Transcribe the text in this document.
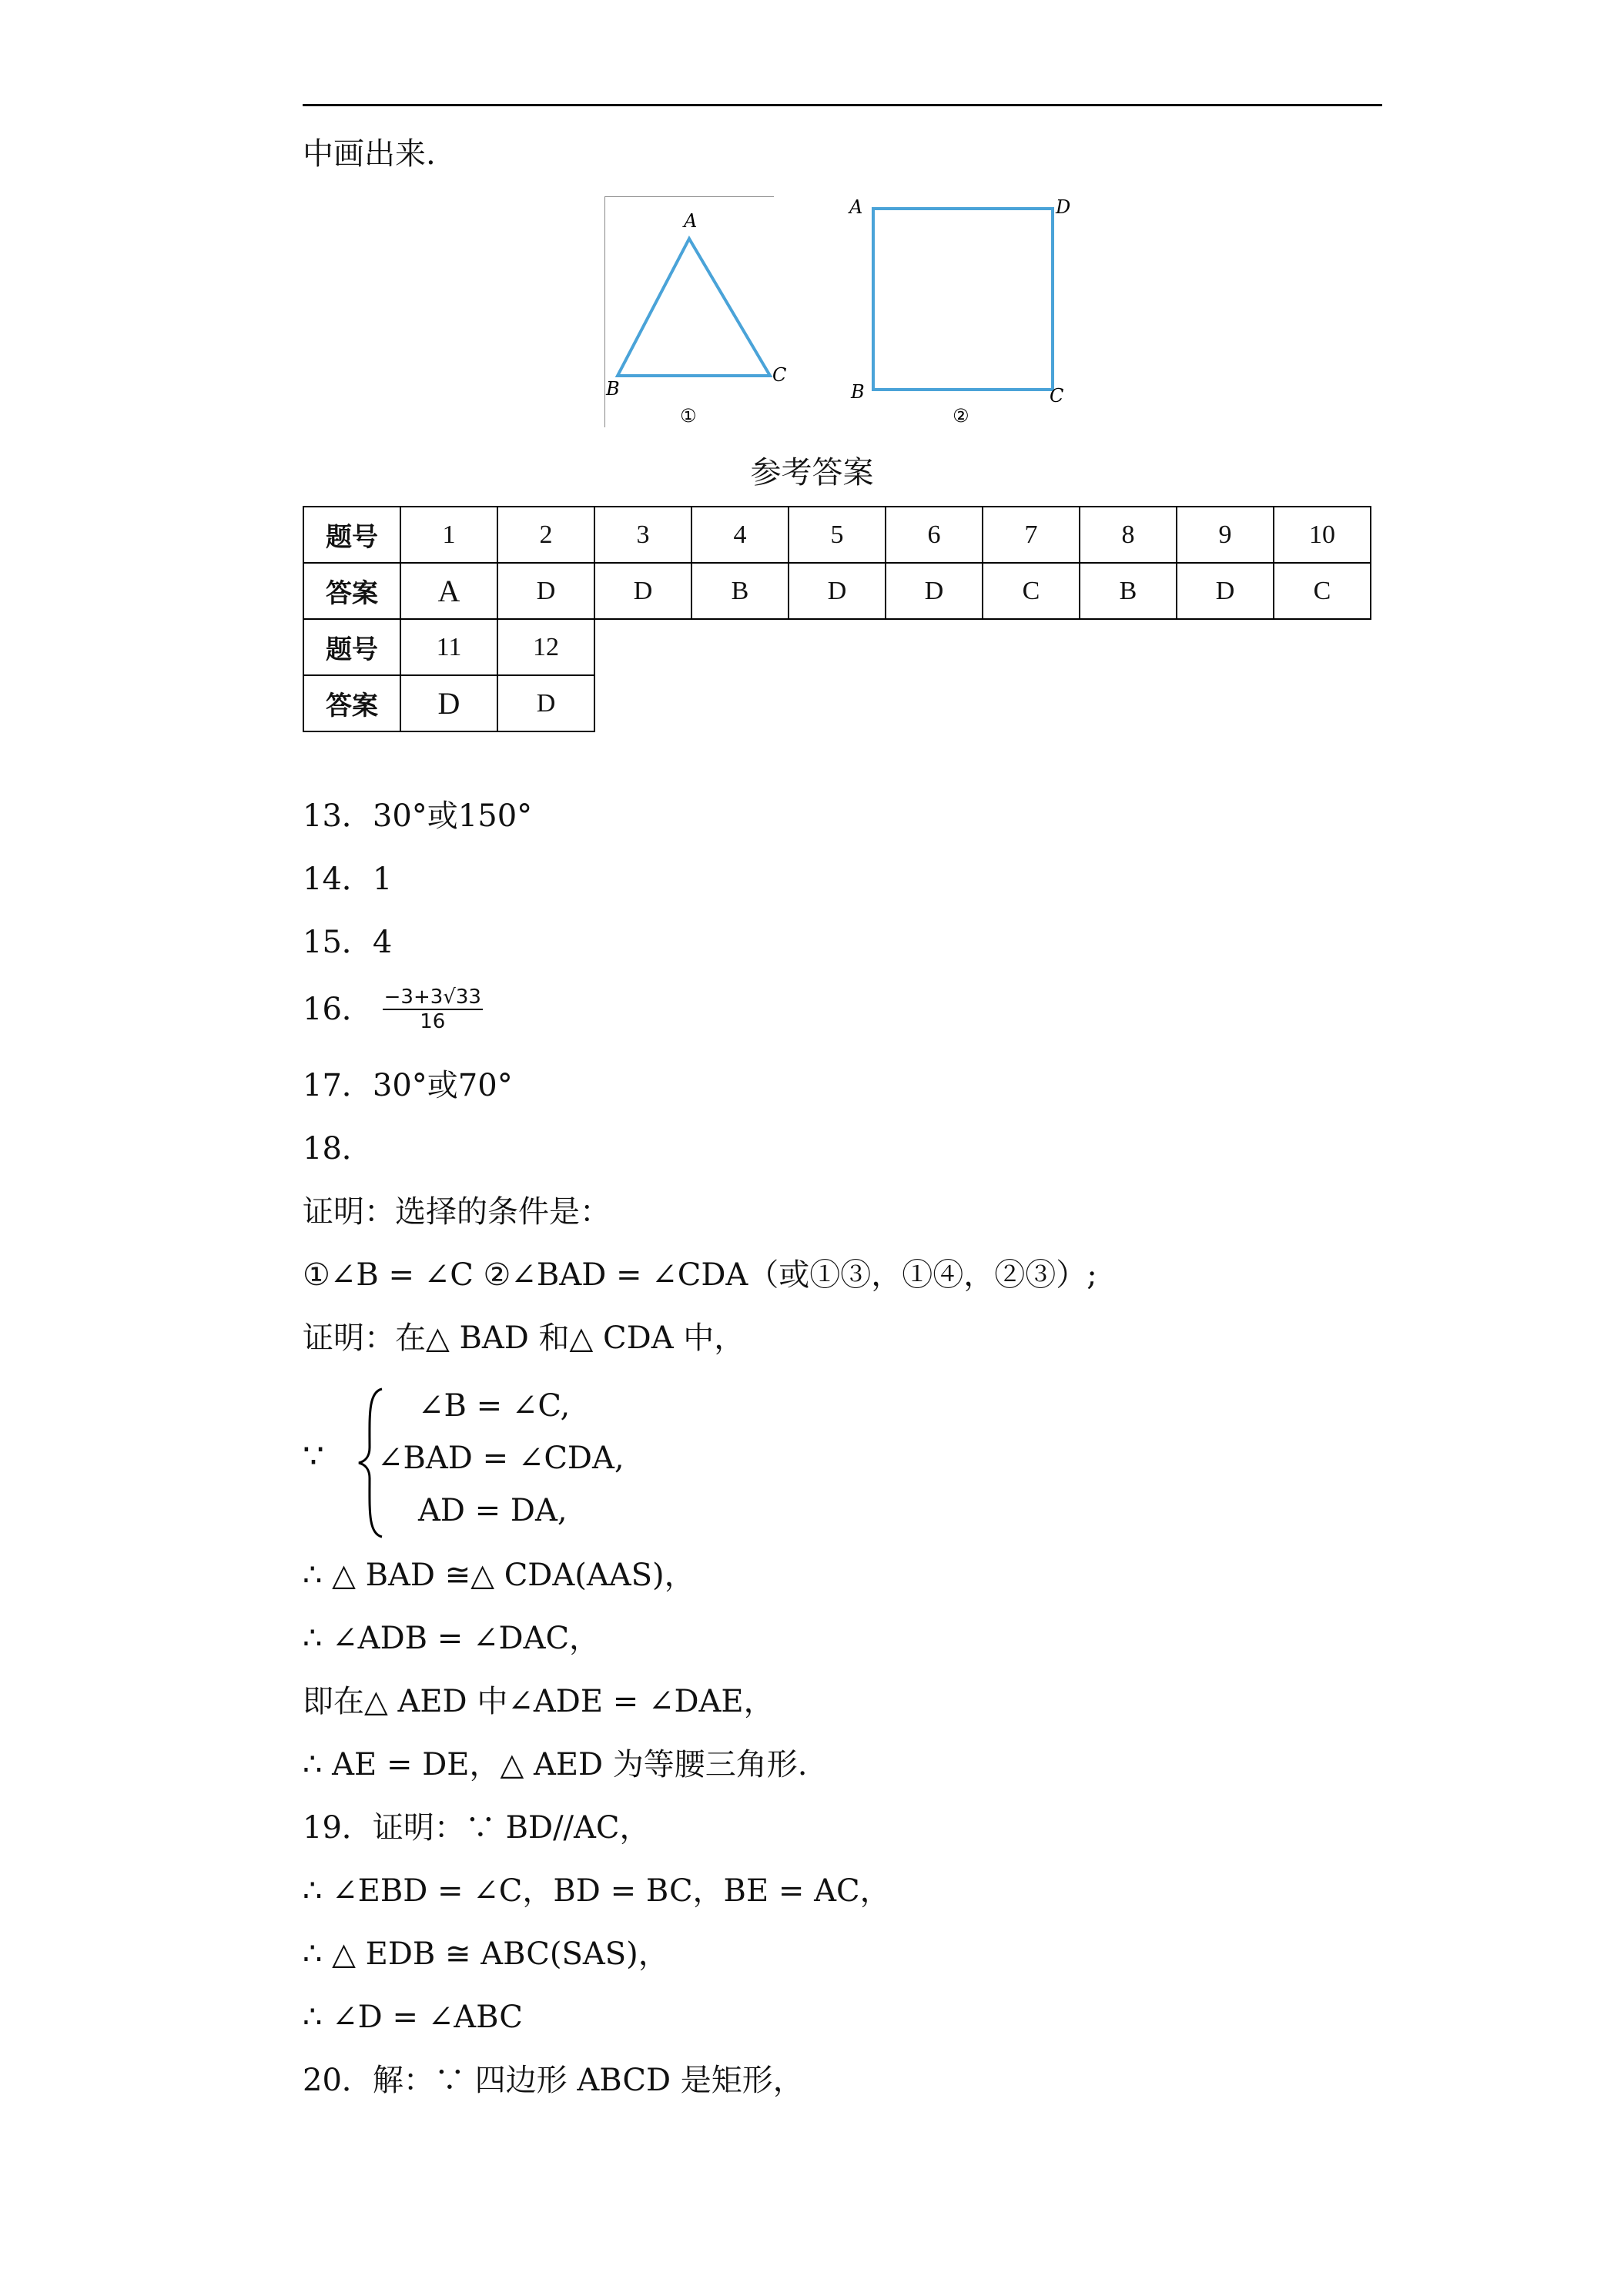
中画出来.
A
B
C
①
A	D
B	C
②
参考答案
题号	1	2	3	4	5	6	7	8	9	10
答案	A	D	D	B	D	D	C	B	D	C
题号	11	12								
答案	D	D								
13．30°或150°
14．1
15．4
16． $\frac{-3+3√33}{16}$
17．30°或70°
18．
证明：选择的条件是：
①∠B = ∠C ②∠BAD = ∠CDA（或①③，①④，②③）;
证明：在△ BAD 和△ CDA 中，
∵
∠B = ∠C,
∠BAD = ∠CDA,
AD = DA,
∴ △ BAD ≅△ CDA(AAS)，
∴ ∠ADB = ∠DAC，
即在△ AED 中∠ADE = ∠DAE，
∴ AE = DE，△ AED 为等腰三角形.
19．证明：∵ BD//AC，
∴ ∠EBD = ∠C，BD = BC，BE = AC，
∴ △ EDB ≅ ABC(SAS)，
∴ ∠D = ∠ABC
20．解：∵ 四边形 ABCD 是矩形，
